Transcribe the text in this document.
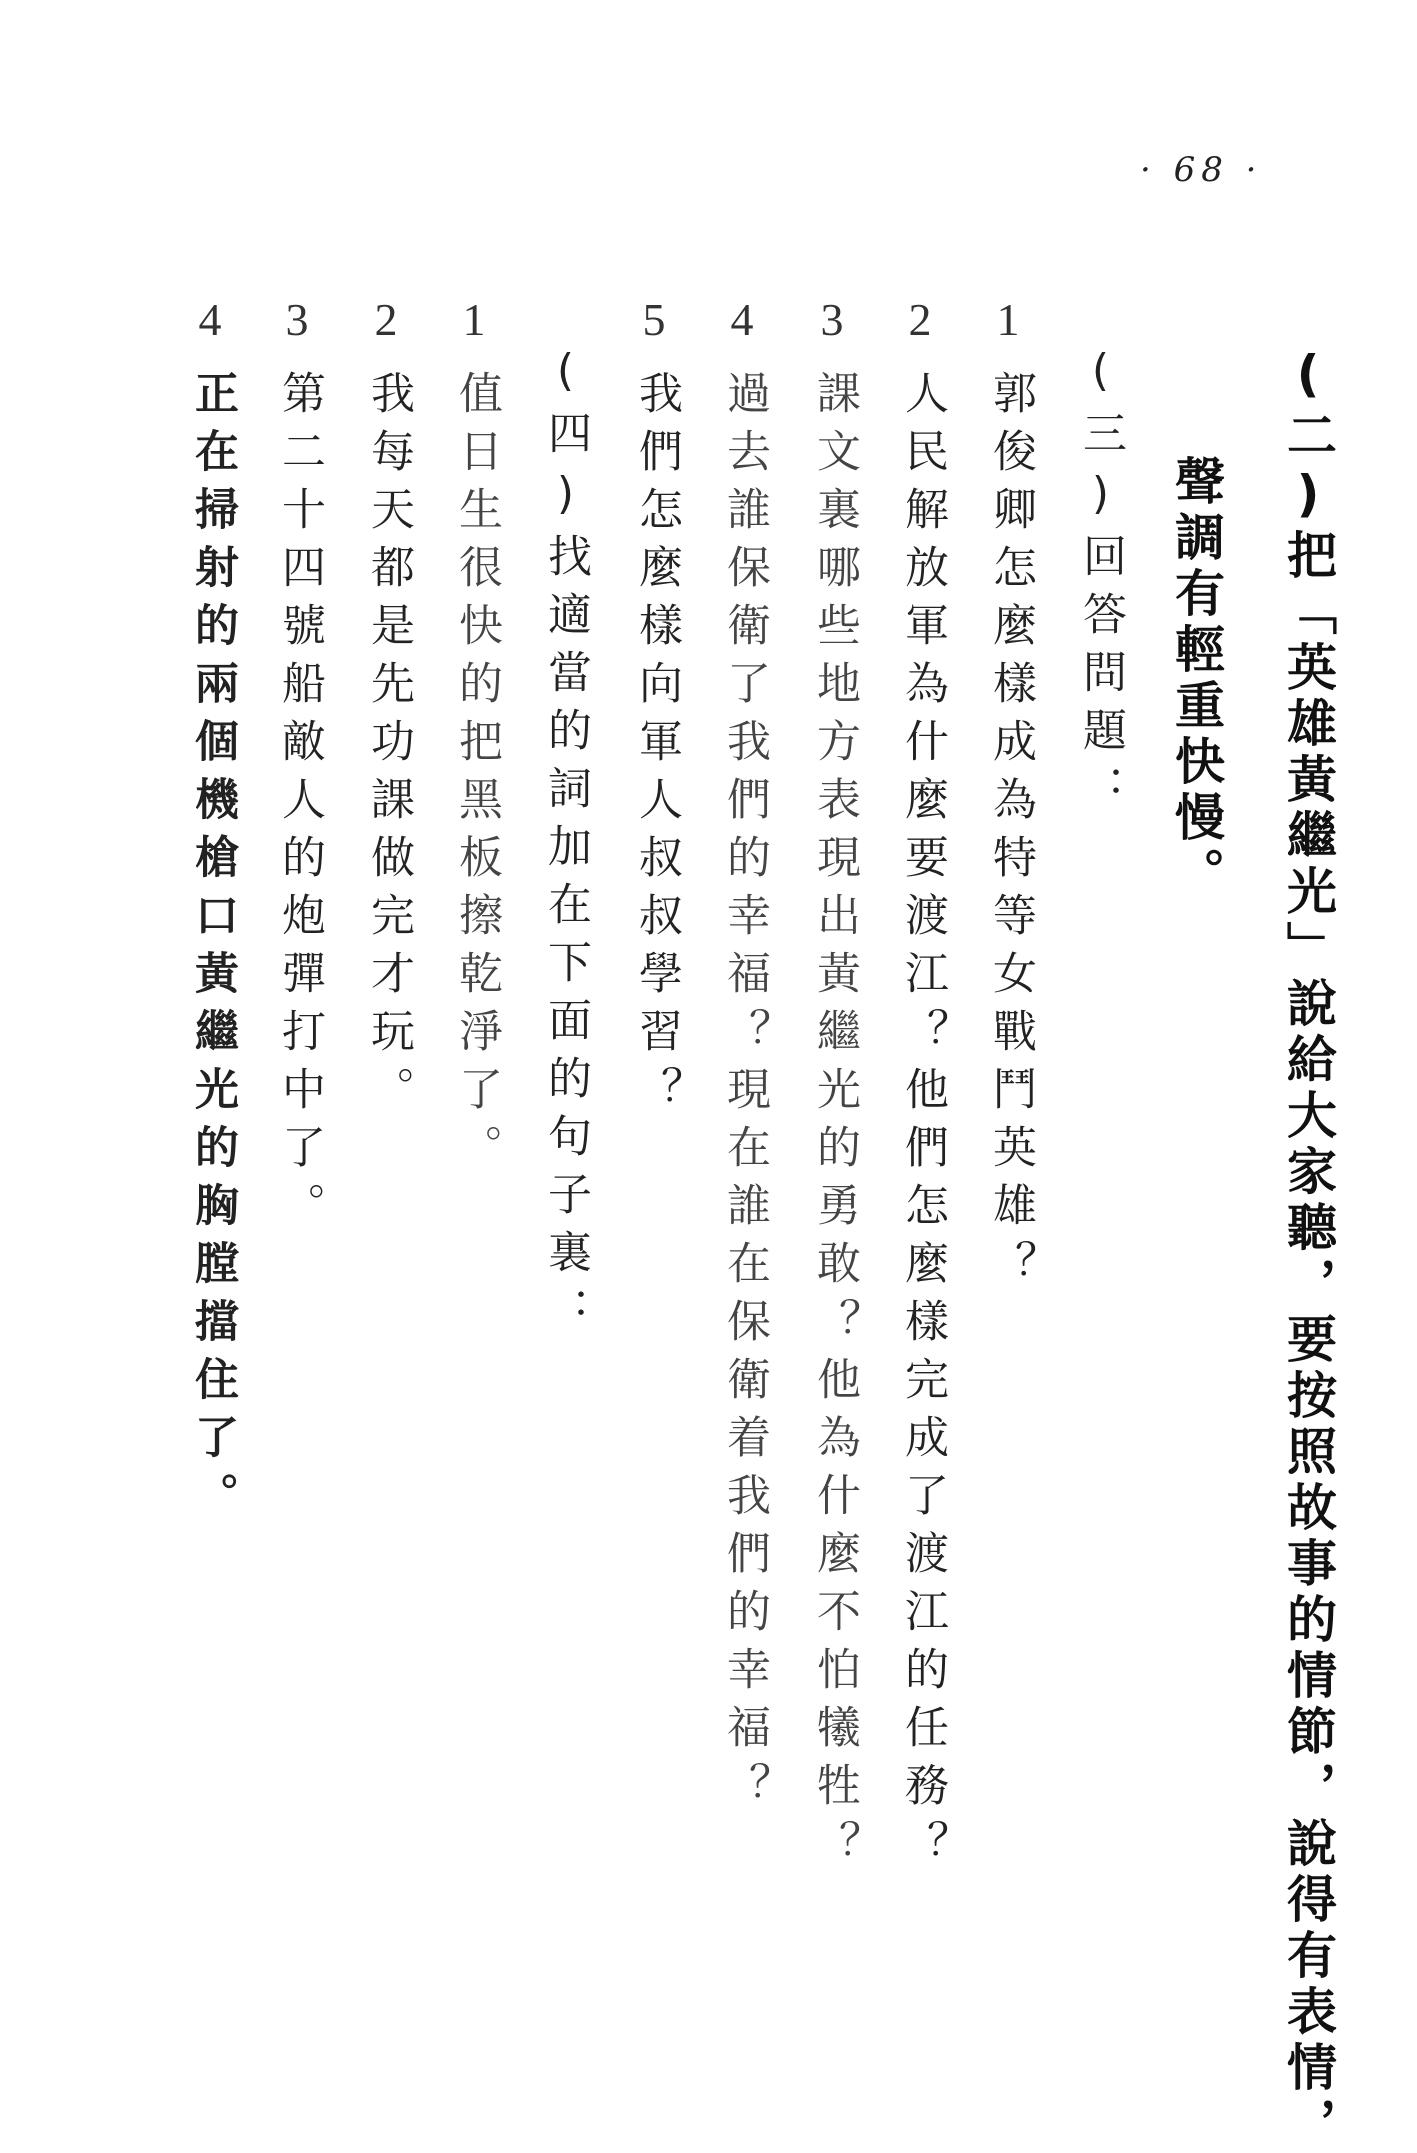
· 68 ·
(二)把「英雄黃繼光」說給大家聽，要按照故事的情節，說得有表情，
聲調有輕重快慢。
(三)回答問題：
1
郭俊卿怎麼樣成為特等女戰鬥英雄？
2
人民解放軍為什麼要渡江？他們怎麼樣完成了渡江的任務？
3
課文裏哪些地方表現出黃繼光的勇敢？他為什麼不怕犧牲？
4
過去誰保衛了我們的幸福？現在誰在保衛着我們的幸福？
5
我們怎麼樣向軍人叔叔學習？
(四)找適當的詞加在下面的句子裏：
1
值日生很快的把黑板擦乾淨了。
2
我每天都是先功課做完才玩。
3
第二十四號船敵人的炮彈打中了。
4
正在掃射的兩個機槍口黃繼光的胸膛擋住了。
